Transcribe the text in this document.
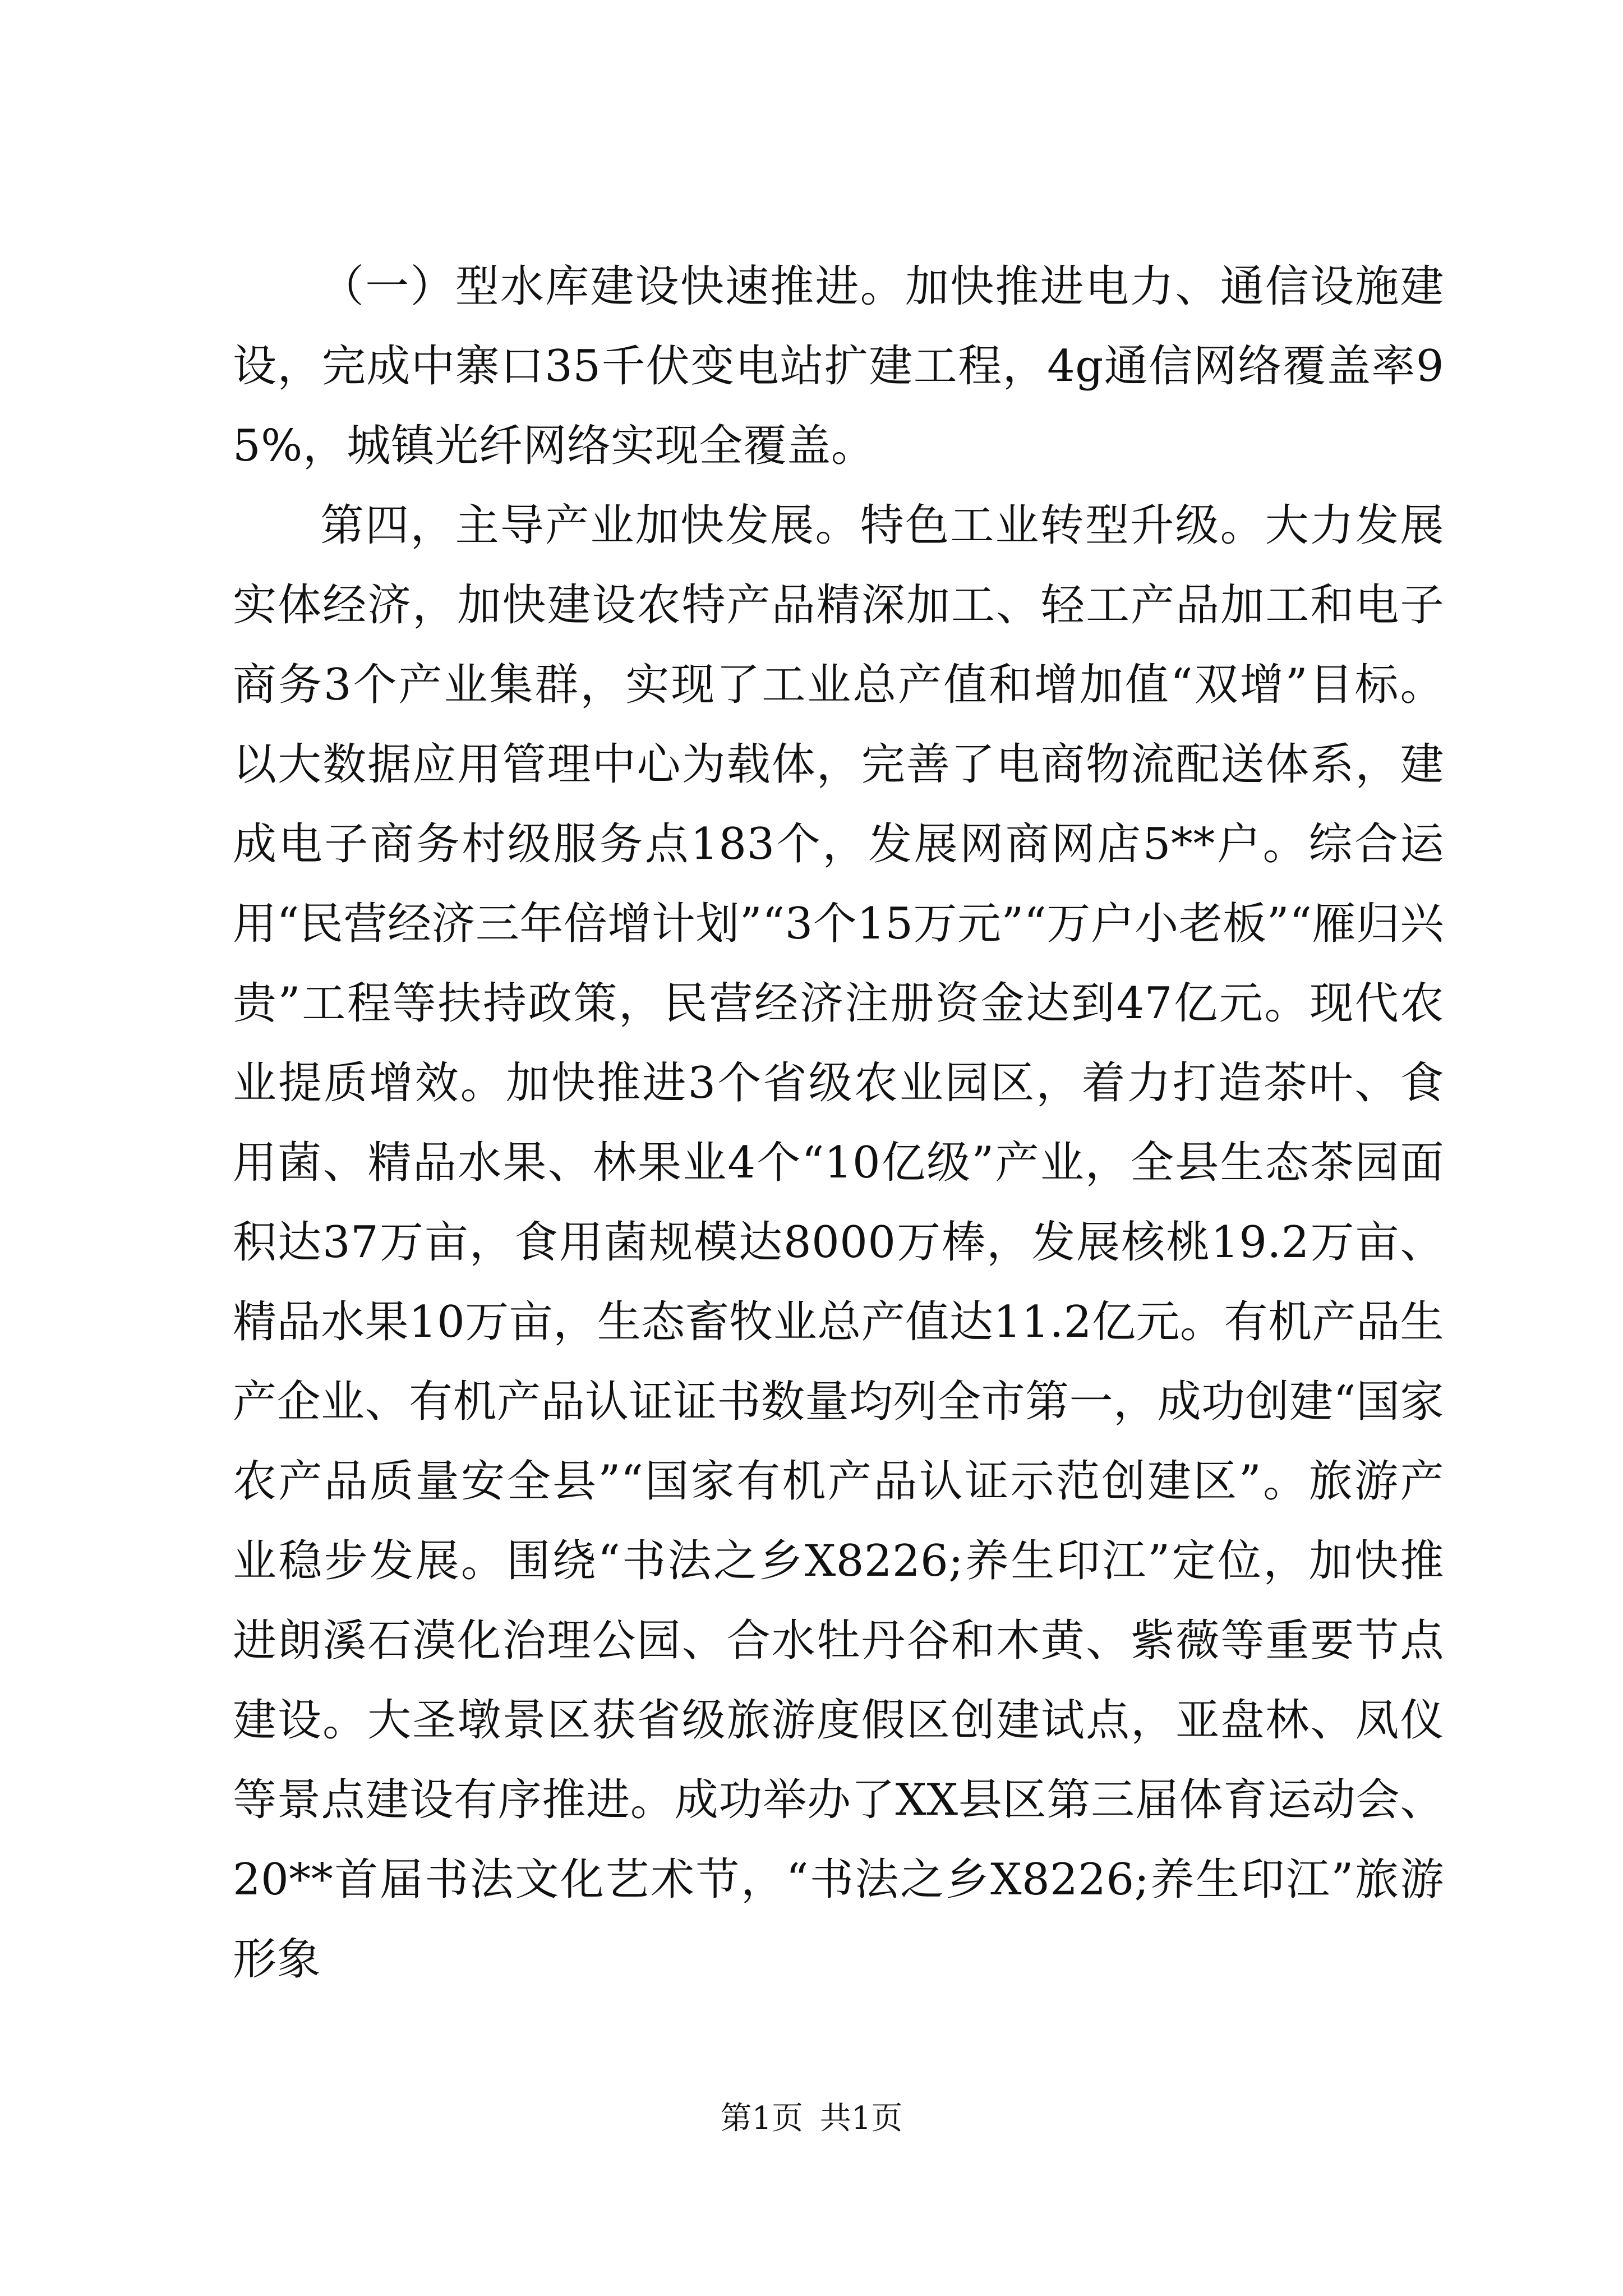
（一）型水库建设快速推进。加快推进电力、通信设施建设，完成中寨口35千伏变电站扩建工程，4g通信网络覆盖率95%，城镇光纤网络实现全覆盖。

第四，主导产业加快发展。特色工业转型升级。大力发展实体经济，加快建设农特产品精深加工、轻工产品加工和电子商务3个产业集群，实现了工业总产值和增加值“双增”目标。以大数据应用管理中心为载体，完善了电商物流配送体系，建成电子商务村级服务点183个，发展网商网店5**户。综合运用“民营经济三年倍增计划”“3个15万元”“万户小老板”“雁归兴贵”工程等扶持政策，民营经济注册资金达到47亿元。现代农业提质增效。加快推进3个省级农业园区，着力打造茶叶、食用菌、精品水果、林果业4个“10亿级”产业，全县生态茶园面积达37万亩，食用菌规模达8000万棒，发展核桃19.2万亩、精品水果10万亩，生态畜牧业总产值达11.2亿元。有机产品生产企业、有机产品认证证书数量均列全市第一，成功创建“国家农产品质量安全县”“国家有机产品认证示范创建区”。旅游产业稳步发展。围绕“书法之乡X8226;养生印江”定位，加快推进朗溪石漠化治理公园、合水牡丹谷和木黄、紫薇等重要节点建设。大圣墩景区获省级旅游度假区创建试点，亚盘林、凤仪等景点建设有序推进。成功举办了XX县区第三届体育运动会、20**首届书法文化艺术节，“书法之乡X8226;养生印江”旅游形象

第1页 共1页
